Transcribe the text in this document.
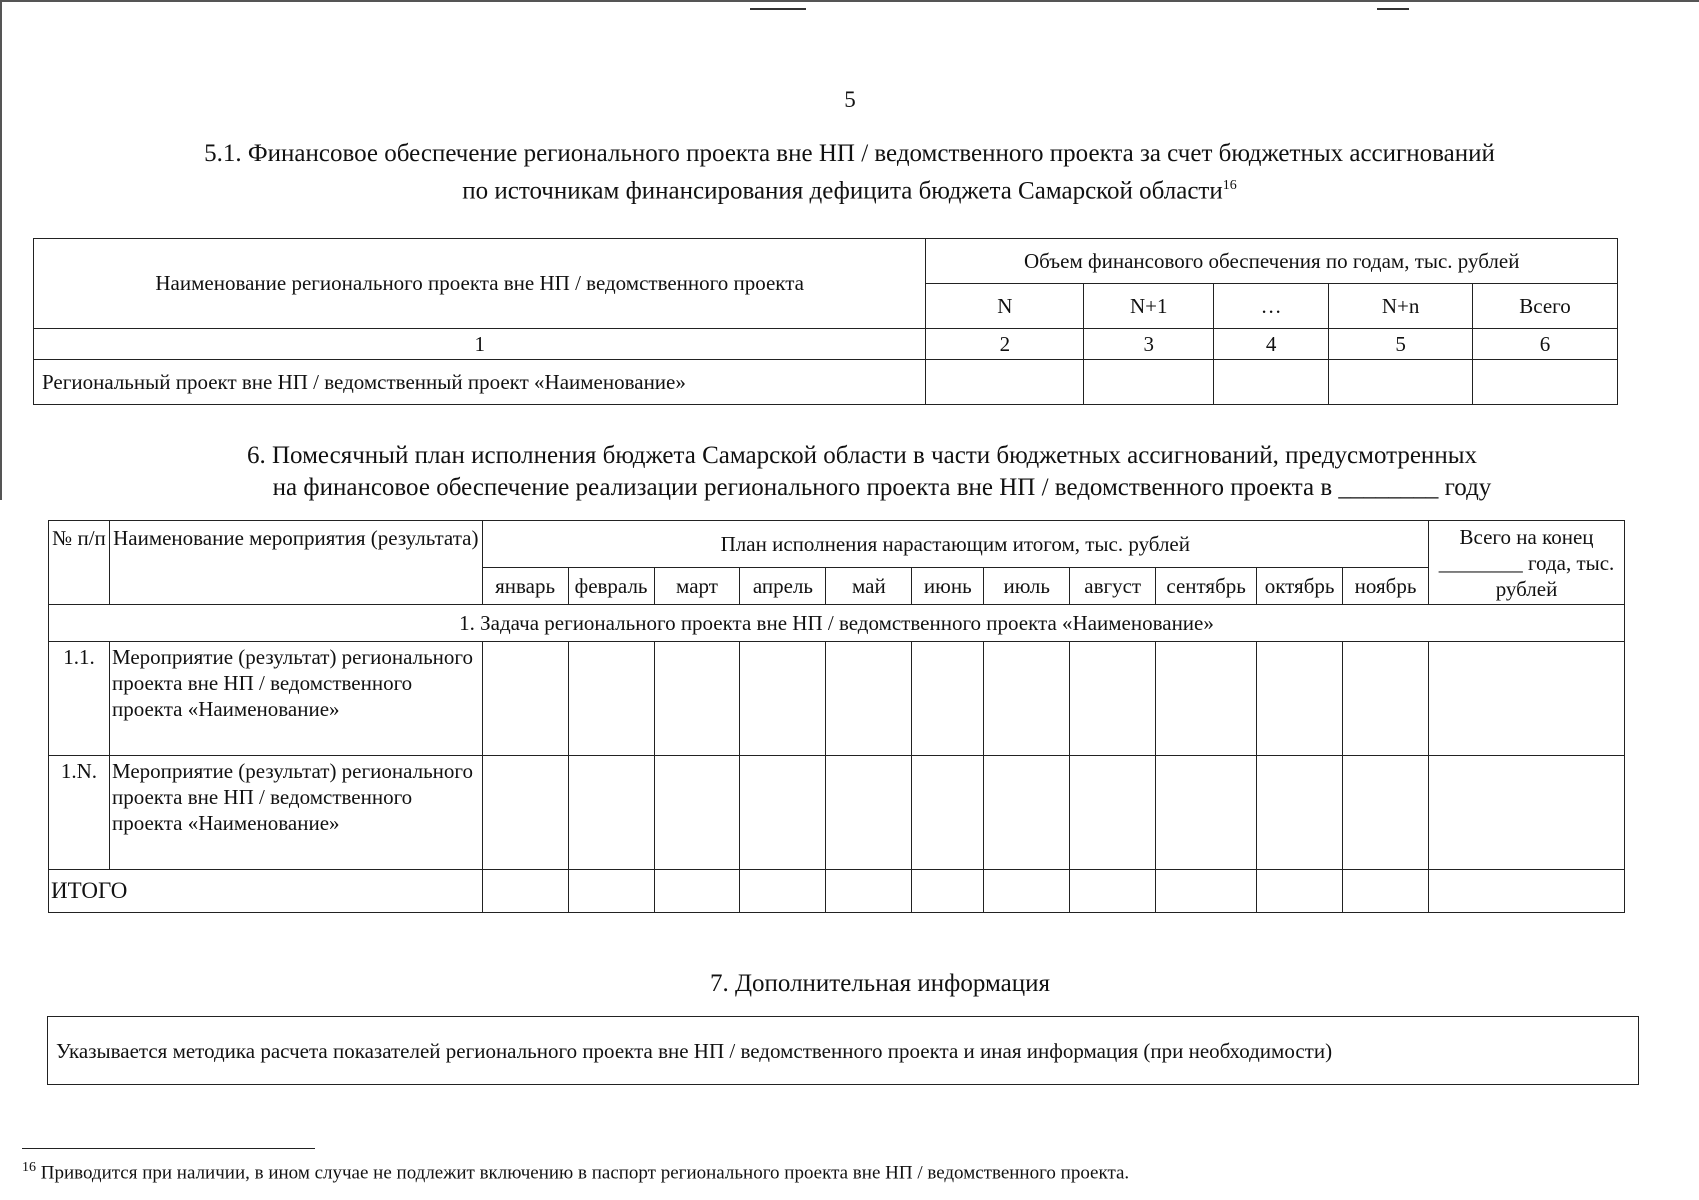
5
5.1. Финансовое обеспечение регионального проекта вне НП / ведомственного проекта за счет бюджетных ассигнований
по источникам финансирования дефицита бюджета Самарской области$^{16}$
Наименование регионального проекта вне НП / ведомственного проекта	Объем финансового обеспечения по годам, тыс. рублей				
	N	N+1	…	N+n	Всего
1	2	3	4	5	6
Региональный проект вне НП / ведомственный проект «Наименование»					
6. Помесячный план исполнения бюджета Самарской области в части бюджетных ассигнований, предусмотренных
на финансовое обеспечение реализации регионального проекта вне НП / ведомственного проекта в ________ году
№ п/п	Наименование мероприятия (результата)	План исполнения нарастающим итогом, тыс. рублей											Всего на конец ________ года, тыс. рублей
		январь	февраль	март	апрель	май	июнь	июль	август	сентябрь	октябрь	ноябрь	
1. Задача регионального проекта вне НП / ведомственного проекта «Наименование»													
1.1.	Мероприятие (результат) регионального проекта вне НП / ведомственного проекта «Наименование»												
1.N.	Мероприятие (результат) регионального проекта вне НП / ведомственного проекта «Наименование»												
ИТОГО													
7. Дополнительная информация
Указывается методика расчета показателей регионального проекта вне НП / ведомственного проекта и иная информация (при необходимости)
$^{16}$ Приводится при наличии, в ином случае не подлежит включению в паспорт регионального проекта вне НП / ведомственного проекта.
